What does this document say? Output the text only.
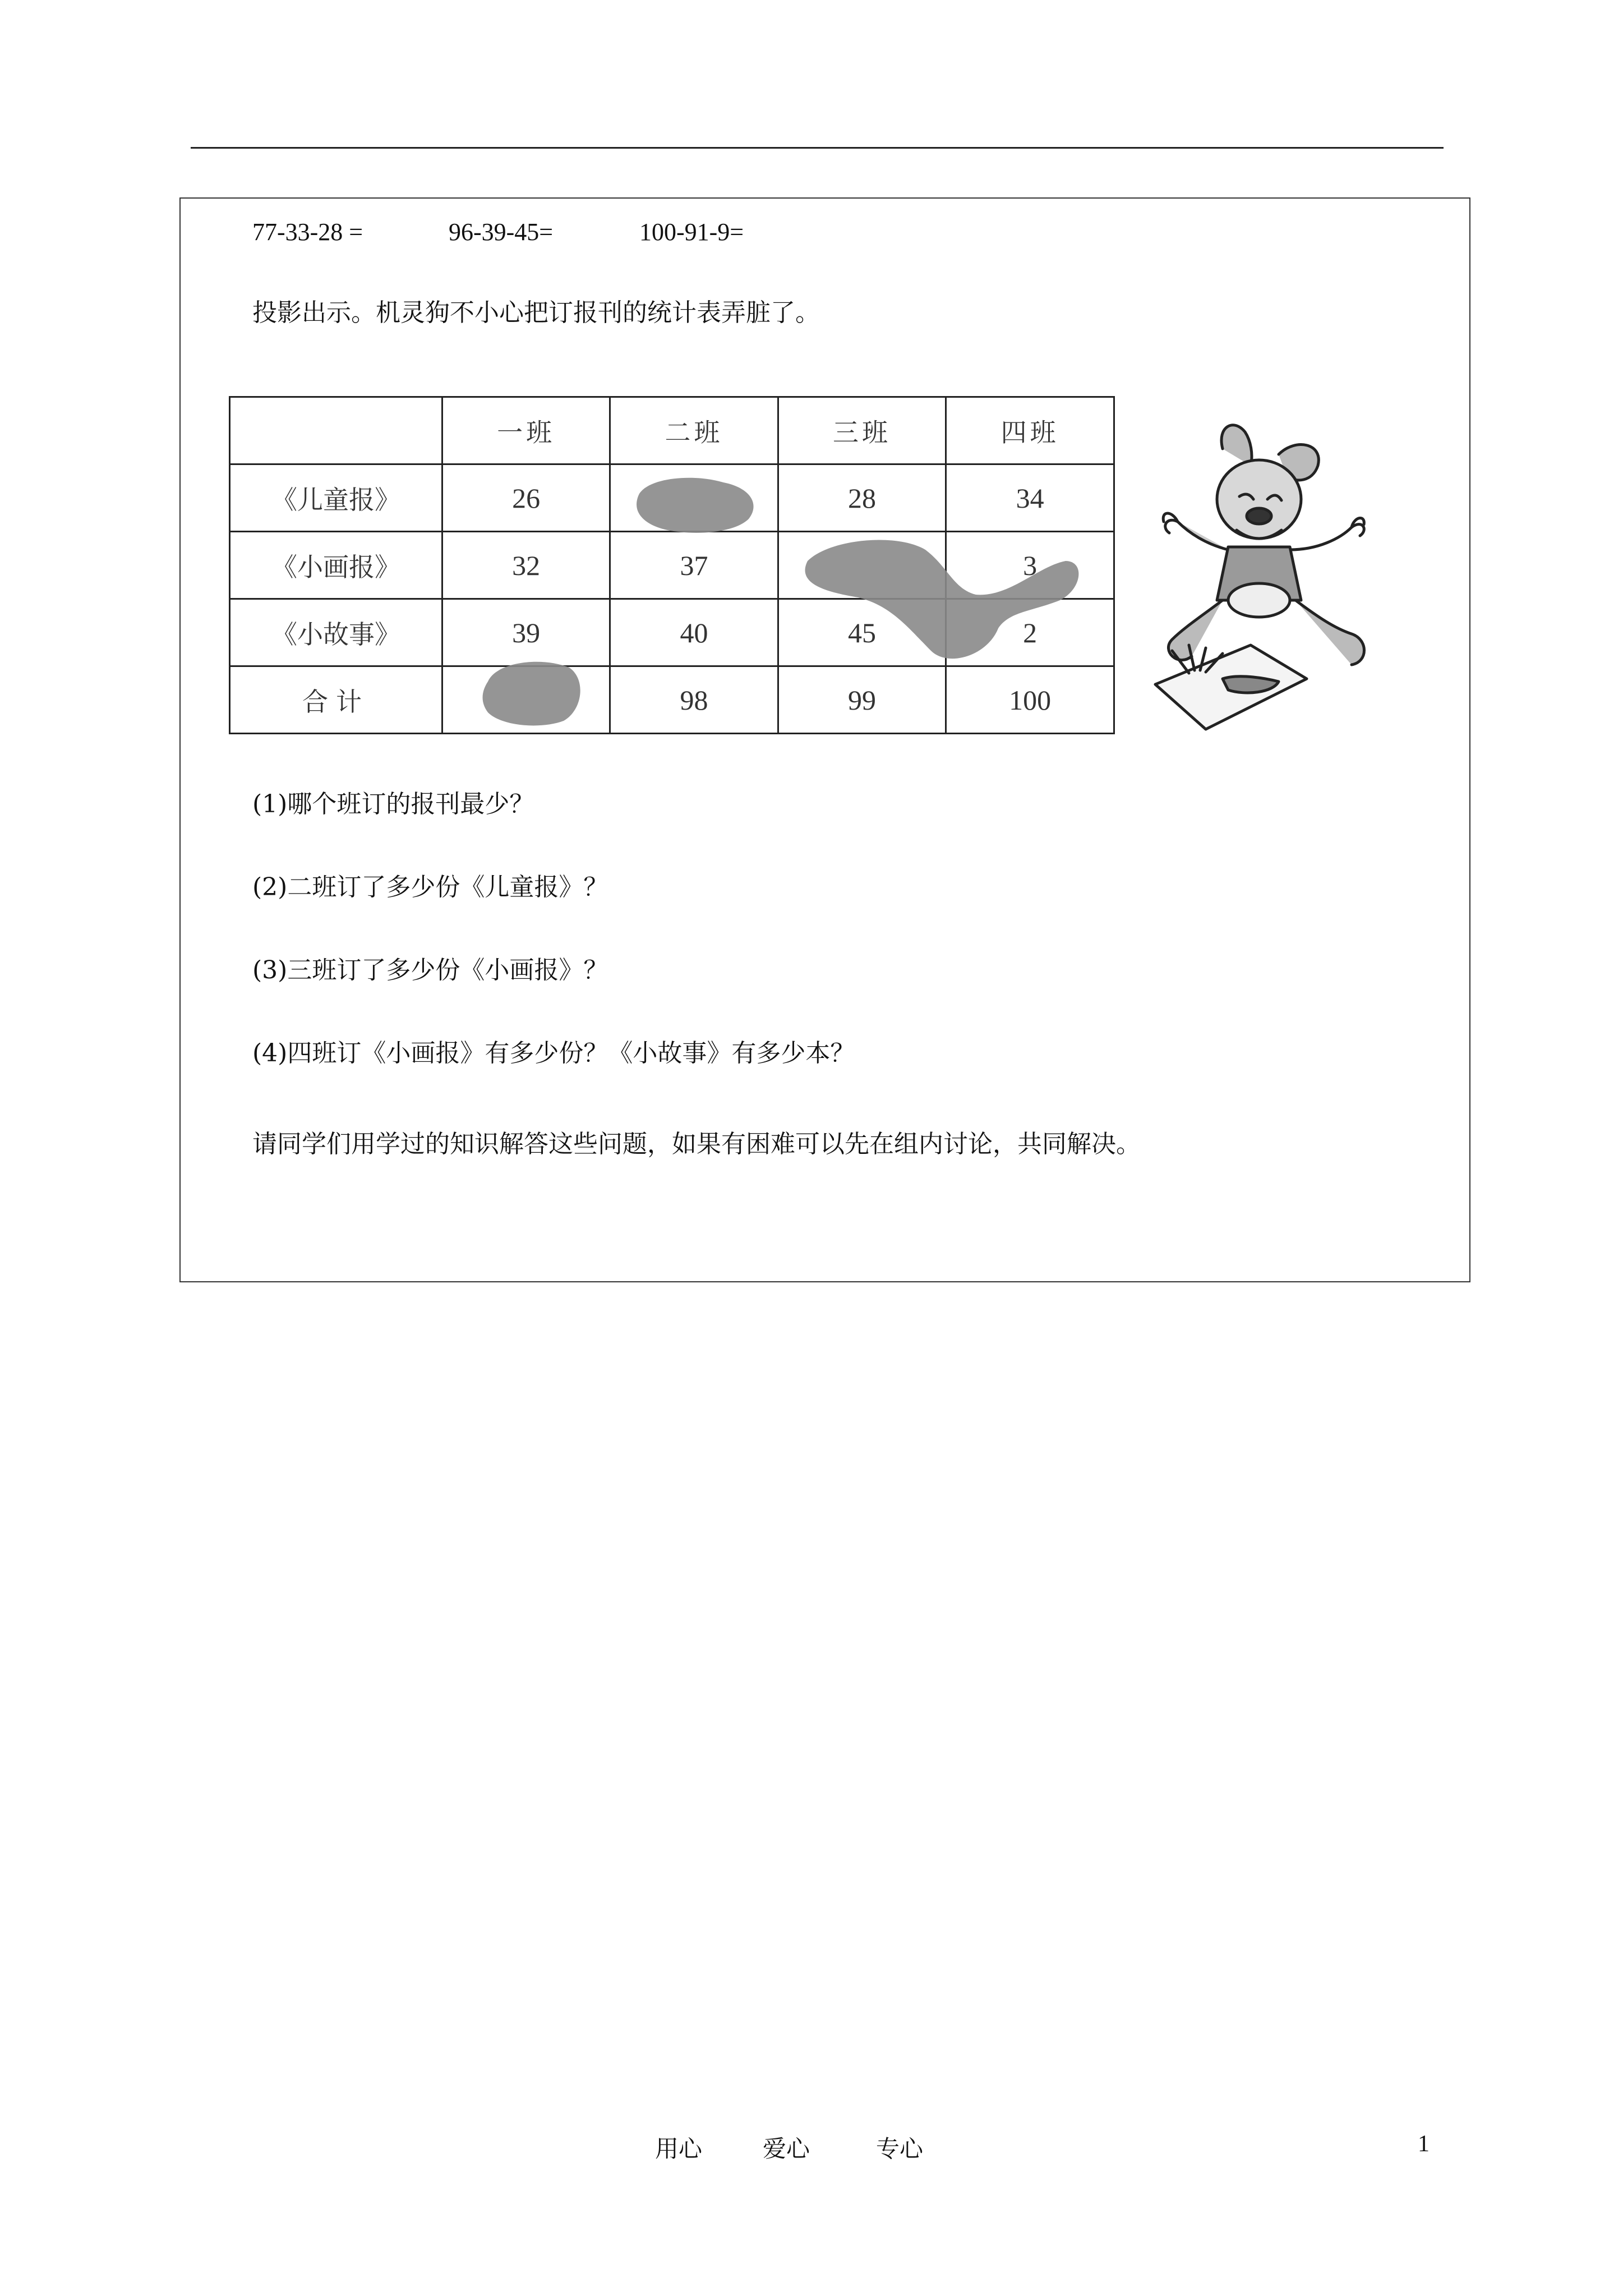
77-33-28 =	96-39-45=	100-91-9=
投影出示。机灵狗不小心把订报刊的统计表弄脏了。
	一班	二班	三班	四班
《儿童报》	26		28	34
《小画报》	32	37		3
《小故事》	39	40	45	2
合计		98	99	100
(1)哪个班订的报刊最少？
(2)二班订了多少份《儿童报》？
(3)三班订了多少份《小画报》？
(4)四班订《小画报》有多少份？《小故事》有多少本？
请同学们用学过的知识解答这些问题，如果有困难可以先在组内讨论，共同解决。
用心	爱心	专心	1
